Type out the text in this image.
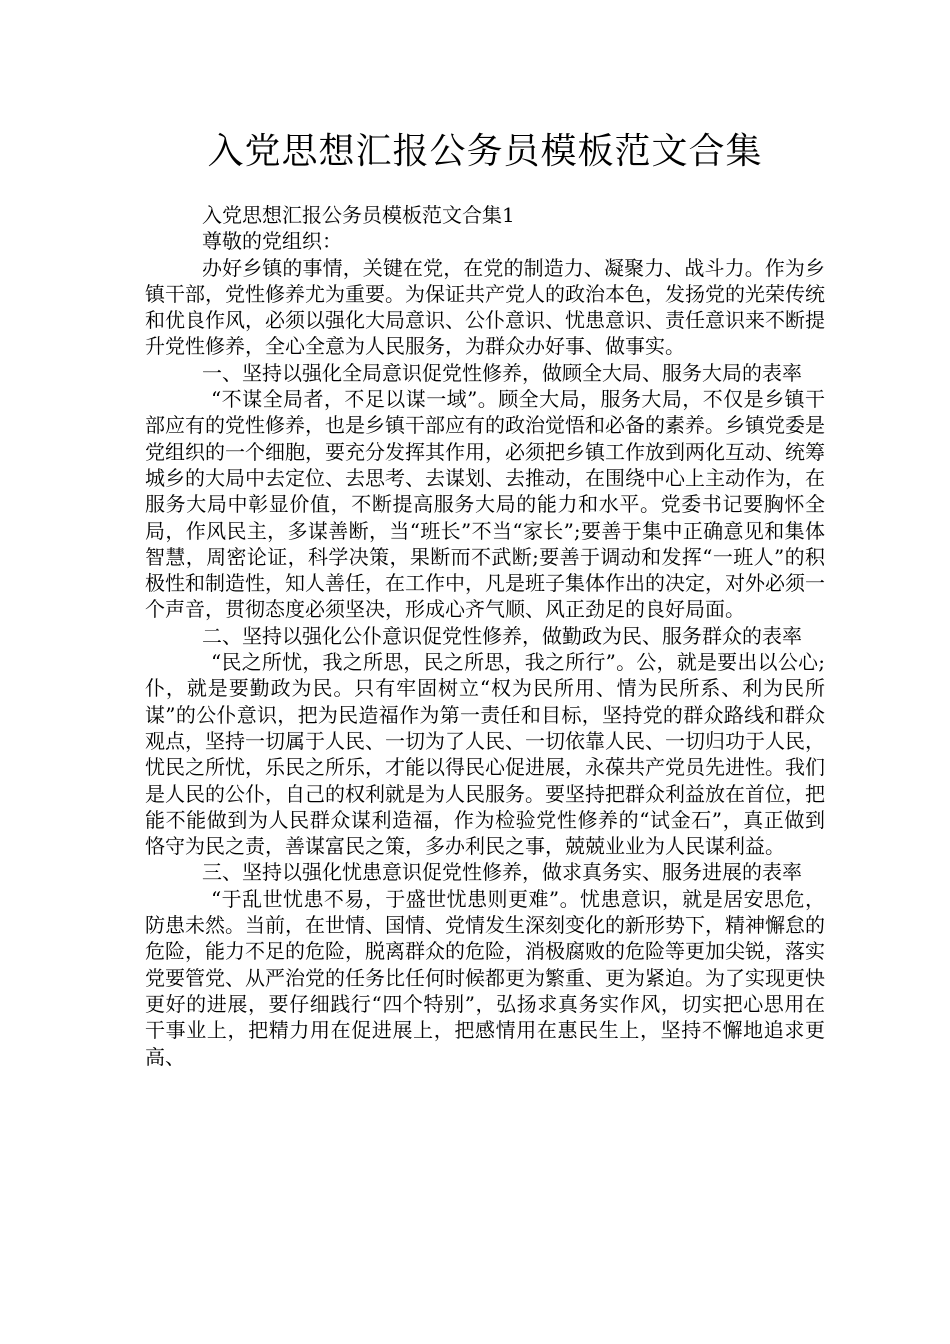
入党思想汇报公务员模板范文合集

入党思想汇报公务员模板范文合集1

尊敬的党组织：

办好乡镇的事情，关键在党，在党的制造力、凝聚力、战斗力。作为乡镇干部，党性修养尤为重要。为保证共产党人的政治本色，发扬党的光荣传统和优良作风，必须以强化大局意识、公仆意识、忧患意识、责任意识来不断提升党性修养，全心全意为人民服务，为群众办好事、做事实。

一、坚持以强化全局意识促党性修养，做顾全大局、服务大局的表率

“不谋全局者，不足以谋一域”。顾全大局，服务大局，不仅是乡镇干部应有的党性修养，也是乡镇干部应有的政治觉悟和必备的素养。乡镇党委是党组织的一个细胞，要充分发挥其作用，必须把乡镇工作放到两化互动、统筹城乡的大局中去定位、去思考、去谋划、去推动，在围绕中心上主动作为，在服务大局中彰显价值，不断提高服务大局的能力和水平。党委书记要胸怀全局，作风民主，多谋善断，当“班长”不当“家长”;要善于集中正确意见和集体智慧，周密论证，科学决策，果断而不武断;要善于调动和发挥“一班人”的积极性和制造性，知人善任，在工作中，凡是班子集体作出的决定，对外必须一个声音，贯彻态度必须坚决，形成心齐气顺、风正劲足的良好局面。

二、坚持以强化公仆意识促党性修养，做勤政为民、服务群众的表率

“民之所忧，我之所思，民之所思，我之所行”。公，就是要出以公心;仆，就是要勤政为民。只有牢固树立“权为民所用、情为民所系、利为民所谋”的公仆意识，把为民造福作为第一责任和目标，坚持党的群众路线和群众观点，坚持一切属于人民、一切为了人民、一切依靠人民、一切归功于人民，忧民之所忧，乐民之所乐，才能以得民心促进展，永葆共产党员先进性。我们是人民的公仆，自己的权利就是为人民服务。要坚持把群众利益放在首位，把能不能做到为人民群众谋利造福，作为检验党性修养的“试金石”，真正做到恪守为民之责，善谋富民之策，多办利民之事，兢兢业业为人民谋利益。

三、坚持以强化忧患意识促党性修养，做求真务实、服务进展的表率

“于乱世忧患不易，于盛世忧患则更难”。忧患意识，就是居安思危，防患未然。当前，在世情、国情、党情发生深刻变化的新形势下，精神懈怠的危险，能力不足的危险，脱离群众的危险，消极腐败的危险等更加尖锐，落实党要管党、从严治党的任务比任何时候都更为繁重、更为紧迫。为了实现更快更好的进展，要仔细践行“四个特别”，弘扬求真务实作风，切实把心思用在干事业上，把精力用在促进展上，把感情用在惠民生上，坚持不懈地追求更高、
